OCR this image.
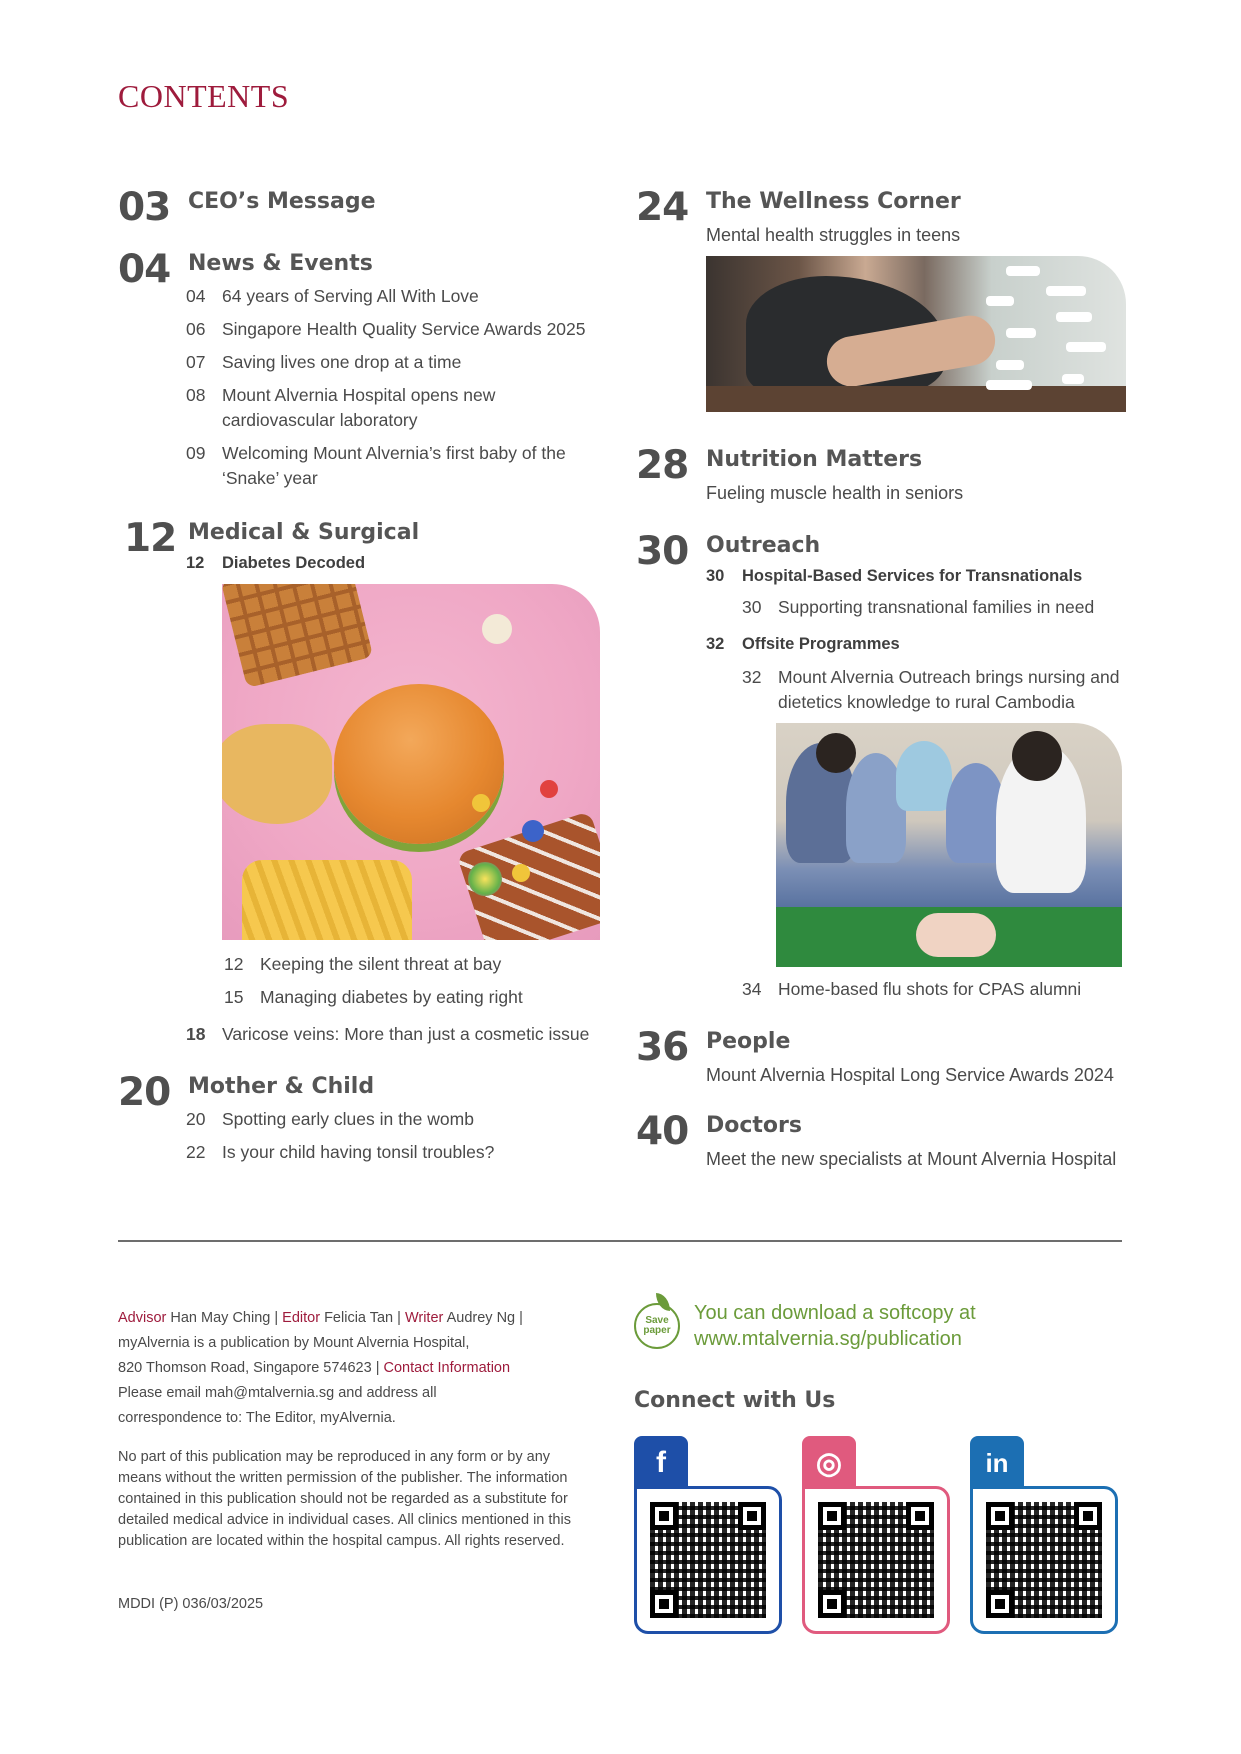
CONTENTS
03 CEO’s Message
04 News & Events
04 64 years of Serving All With Love
06 Singapore Health Quality Service Awards 2025
07 Saving lives one drop at a time
08 Mount Alvernia Hospital opens new cardiovascular laboratory
09 Welcoming Mount Alvernia’s first baby of the ‘Snake’ year
12 Medical & Surgical
12	Diabetes Decoded
12 Keeping the silent threat at bay
15 Managing diabetes by eating right
18 Varicose veins: More than just a cosmetic issue
20 Mother & Child
20 Spotting early clues in the womb
22 Is your child having tonsil troubles?
24 The Wellness Corner
Mental health struggles in teens
28 Nutrition Matters
Fueling muscle health in seniors
30 Outreach
30	Hospital-Based Services for Transnationals
30 Supporting transnational families in need
32	Offsite Programmes
32 Mount Alvernia Outreach brings nursing and dietetics knowledge to rural Cambodia
34 Home-based flu shots for CPAS alumni
36 People
Mount Alvernia Hospital Long Service Awards 2024
40 Doctors
Meet the new specialists at Mount Alvernia Hospital
Advisor Han May Ching | Editor Felicia Tan | Writer Audrey Ng | myAlvernia is a publication by Mount Alvernia Hospital,
820 Thomson Road, Singapore 574623 | Contact Information
Please email mah@mtalvernia.sg and address all correspondence to: The Editor, myAlvernia.
No part of this publication may be reproduced in any form or by any means without the written permission of the publisher. The information contained in this publication should not be regarded as a substitute for detailed medical advice in individual cases. All clinics mentioned in this publication are located within the hospital campus. All rights reserved.
MDDI (P) 036/03/2025
Save paper
You can download a softcopy at www.mtalvernia.sg/publication
Connect with Us
f	◎	in
